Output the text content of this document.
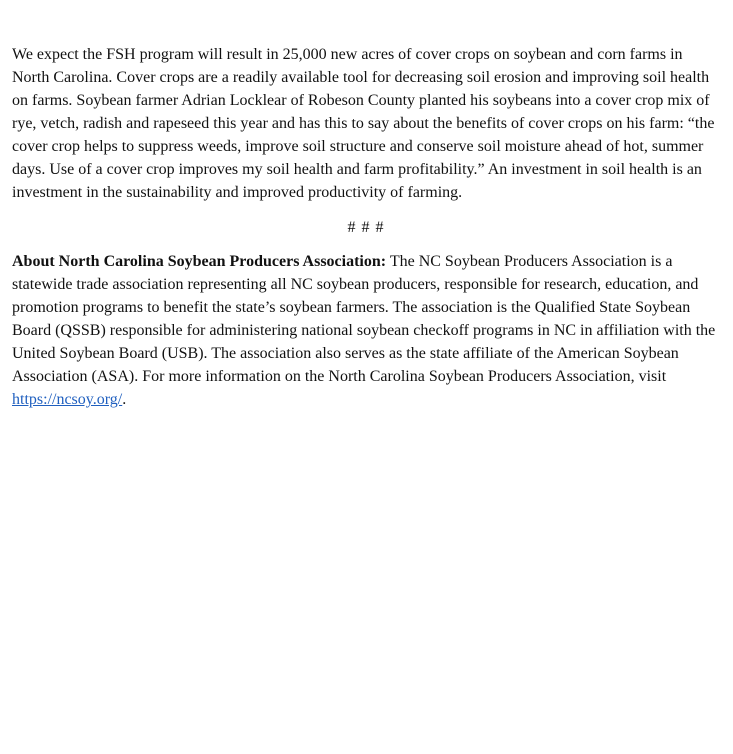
We expect the FSH program will result in 25,000 new acres of cover crops on soybean and corn farms in North Carolina. Cover crops are a readily available tool for decreasing soil erosion and improving soil health on farms. Soybean farmer Adrian Locklear of Robeson County planted his soybeans into a cover crop mix of rye, vetch, radish and rapeseed this year and has this to say about the benefits of cover crops on his farm: “the cover crop helps to suppress weeds, improve soil structure and conserve soil moisture ahead of hot, summer days. Use of a cover crop improves my soil health and farm profitability.” An investment in soil health is an investment in the sustainability and improved productivity of farming.

# # #

About North Carolina Soybean Producers Association: The NC Soybean Producers Association is a statewide trade association representing all NC soybean producers, responsible for research, education, and promotion programs to benefit the state’s soybean farmers. The association is the Qualified State Soybean Board (QSSB) responsible for administering national soybean checkoff programs in NC in affiliation with the United Soybean Board (USB). The association also serves as the state affiliate of the American Soybean Association (ASA). For more information on the North Carolina Soybean Producers Association, visit https://ncsoy.org/.
